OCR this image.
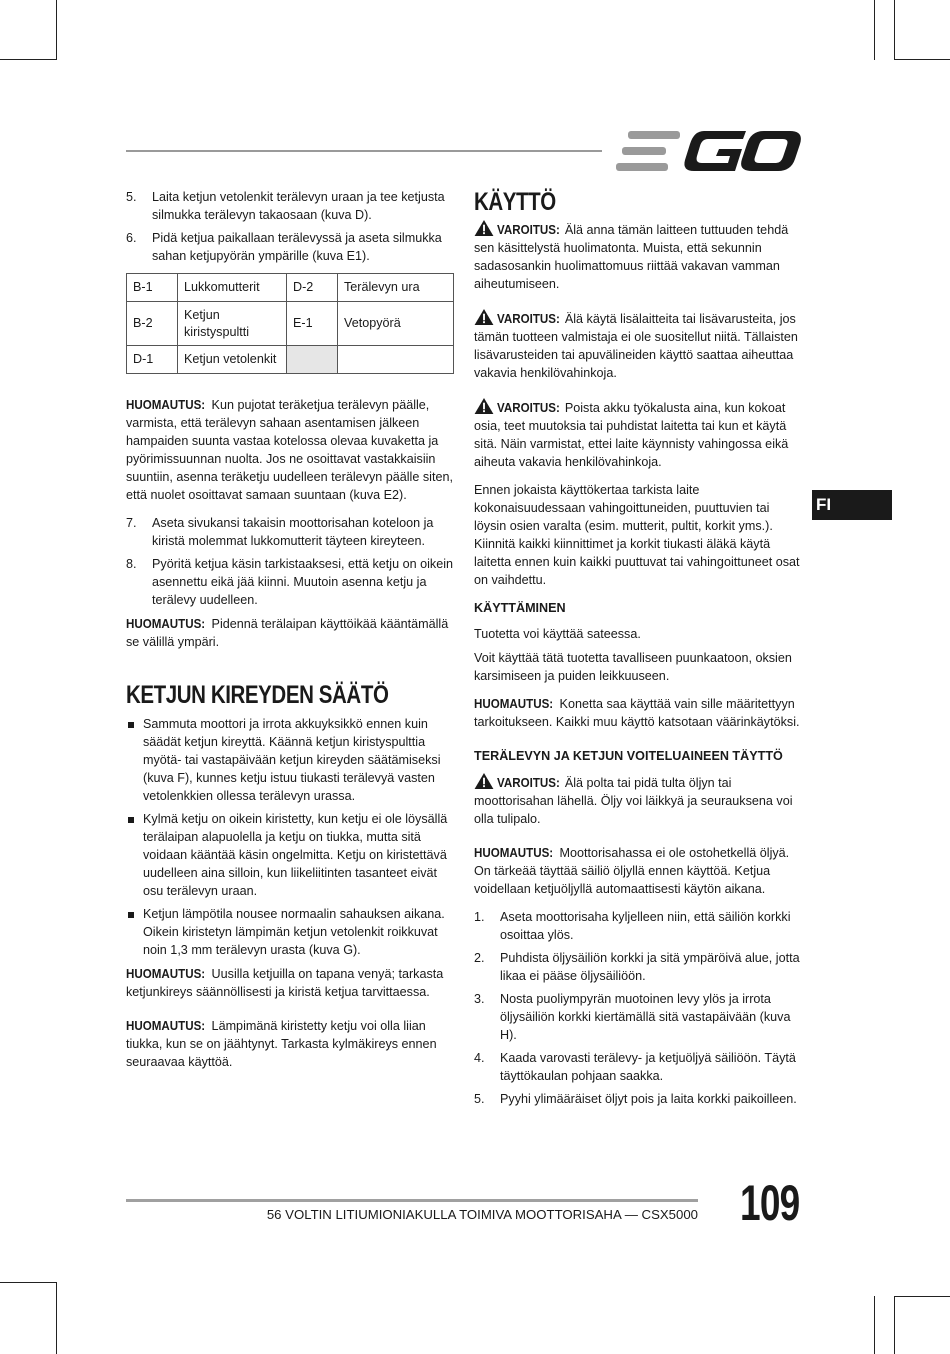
5.	Laita ketjun vetolenkit terälevyn uraan ja tee ketjusta silmukka terälevyn takaosaan (kuva D).
6.	Pidä ketjua paikallaan terälevyssä ja aseta silmukka sahan ketjupyörän ympärille (kuva E1).
B-1	Lukkomutterit	D-2	Terälevyn ura
B-2	Ketjun kiristyspultti	E-1	Vetopyörä
D-1	Ketjun vetolenkit		

HUOMAUTUS: Kun pujotat teräketjua terälevyn päälle, varmista, että terälevyn sahaan asentamisen jälkeen hampaiden suunta vastaa kotelossa olevaa kuvaketta ja pyörimissuunnan nuolta. Jos ne osoittavat vastakkaisiin suuntiin, asenna teräketju uudelleen terälevyn päälle siten, että nuolet osoittavat samaan suuntaan (kuva E2).

7.	Aseta sivukansi takaisin moottorisahan koteloon ja kiristä molemmat lukkomutterit täyteen kireyteen.
8.	Pyöritä ketjua käsin tarkistaaksesi, että ketju on oikein asennettu eikä jää kiinni. Muutoin asenna ketju ja terälevy uudelleen.

HUOMAUTUS: Pidennä terälaipan käyttöikää kääntämällä se välillä ympäri.

KETJUN KIREYDEN SÄÄTÖ
Sammuta moottori ja irrota akkuyksikkö ennen kuin säädät ketjun kireyttä. Käännä ketjun kiristyspulttia myötä- tai vastapäivään ketjun kireyden säätämiseksi (kuva F), kunnes ketju istuu tiukasti terälevyä vasten vetolenkkien ollessa terälevyn urassa.
Kylmä ketju on oikein kiristetty, kun ketju ei ole löysällä terälaipan alapuolella ja ketju on tiukka, mutta sitä voidaan kääntää käsin ongelmitta. Ketju on kiristettävä uudelleen aina silloin, kun liikeliitinten tasanteet eivät osu terälevyn uraan.
Ketjun lämpötila nousee normaalin sahauksen aikana. Oikein kiristetyn lämpimän ketjun vetolenkit roikkuvat noin 1,3 mm terälevyn urasta (kuva G).

HUOMAUTUS: Uusilla ketjuilla on tapana venyä; tarkasta ketjunkireys säännöllisesti ja kiristä ketjua tarvittaessa.

HUOMAUTUS: Lämpimänä kiristetty ketju voi olla liian tiukka, kun se on jäähtynyt. Tarkasta kylmäkireys ennen seuraavaa käyttöä.

KÄYTTÖ

VAROITUS: Älä anna tämän laitteen tuttuuden tehdä sen käsittelystä huolimatonta. Muista, että sekunnin sadasosankin huolimattomuus riittää vakavan vamman aiheutumiseen.

VAROITUS: Älä käytä lisälaitteita tai lisävarusteita, jos tämän tuotteen valmistaja ei ole suositellut niitä. Tällaisten lisävarusteiden tai apuvälineiden käyttö saattaa aiheuttaa vakavia henkilövahinkoja.

VAROITUS: Poista akku työkalusta aina, kun kokoat osia, teet muutoksia tai puhdistat laitetta tai kun et käytä sitä. Näin varmistat, ettei laite käynnisty vahingossa eikä aiheuta vakavia henkilövahinkoja.

Ennen jokaista käyttökertaa tarkista laite kokonaisuudessaan vahingoittuneiden, puuttuvien tai löysin osien varalta (esim. mutterit, pultit, korkit yms.). Kiinnitä kaikki kiinnittimet ja korkit tiukasti äläkä käytä laitetta ennen kuin kaikki puuttuvat tai vahingoittuneet osat on vaihdettu.

KÄYTTÄMINEN

Tuotetta voi käyttää sateessa.

Voit käyttää tätä tuotetta tavalliseen puunkaatoon, oksien karsimiseen ja puiden leikkuuseen.

HUOMAUTUS: Konetta saa käyttää vain sille määritettyyn tarkoitukseen. Kaikki muu käyttö katsotaan väärinkäytöksi.

TERÄLEVYN JA KETJUN VOITELUAINEEN TÄYTTÖ

VAROITUS: Älä polta tai pidä tulta öljyn tai moottorisahan lähellä. Öljy voi läikkyä ja seurauksena voi olla tulipalo.

HUOMAUTUS: Moottorisahassa ei ole ostohetkellä öljyä. On tärkeää täyttää säiliö öljyllä ennen käyttöä. Ketjua voidellaan ketjuöljyllä automaattisesti käytön aikana.

1.	Aseta moottorisaha kyljelleen niin, että säiliön korkki osoittaa ylös.
2.	Puhdista öljysäiliön korkki ja sitä ympäröivä alue, jotta likaa ei pääse öljysäiliöön.
3.	Nosta puoliympyrän muotoinen levy ylös ja irrota öljysäiliön korkki kiertämällä sitä vastapäivään (kuva H).
4.	Kaada varovasti terälevy- ja ketjuöljyä säiliöön. Täytä täyttökaulan pohjaan saakka.
5.	Pyyhi ylimääräiset öljyt pois ja laita korkki paikoilleen.
FI
56 VOLTIN LITIUMIONIAKULLA TOIMIVA MOOTTORISAHA — CSX5000 109
